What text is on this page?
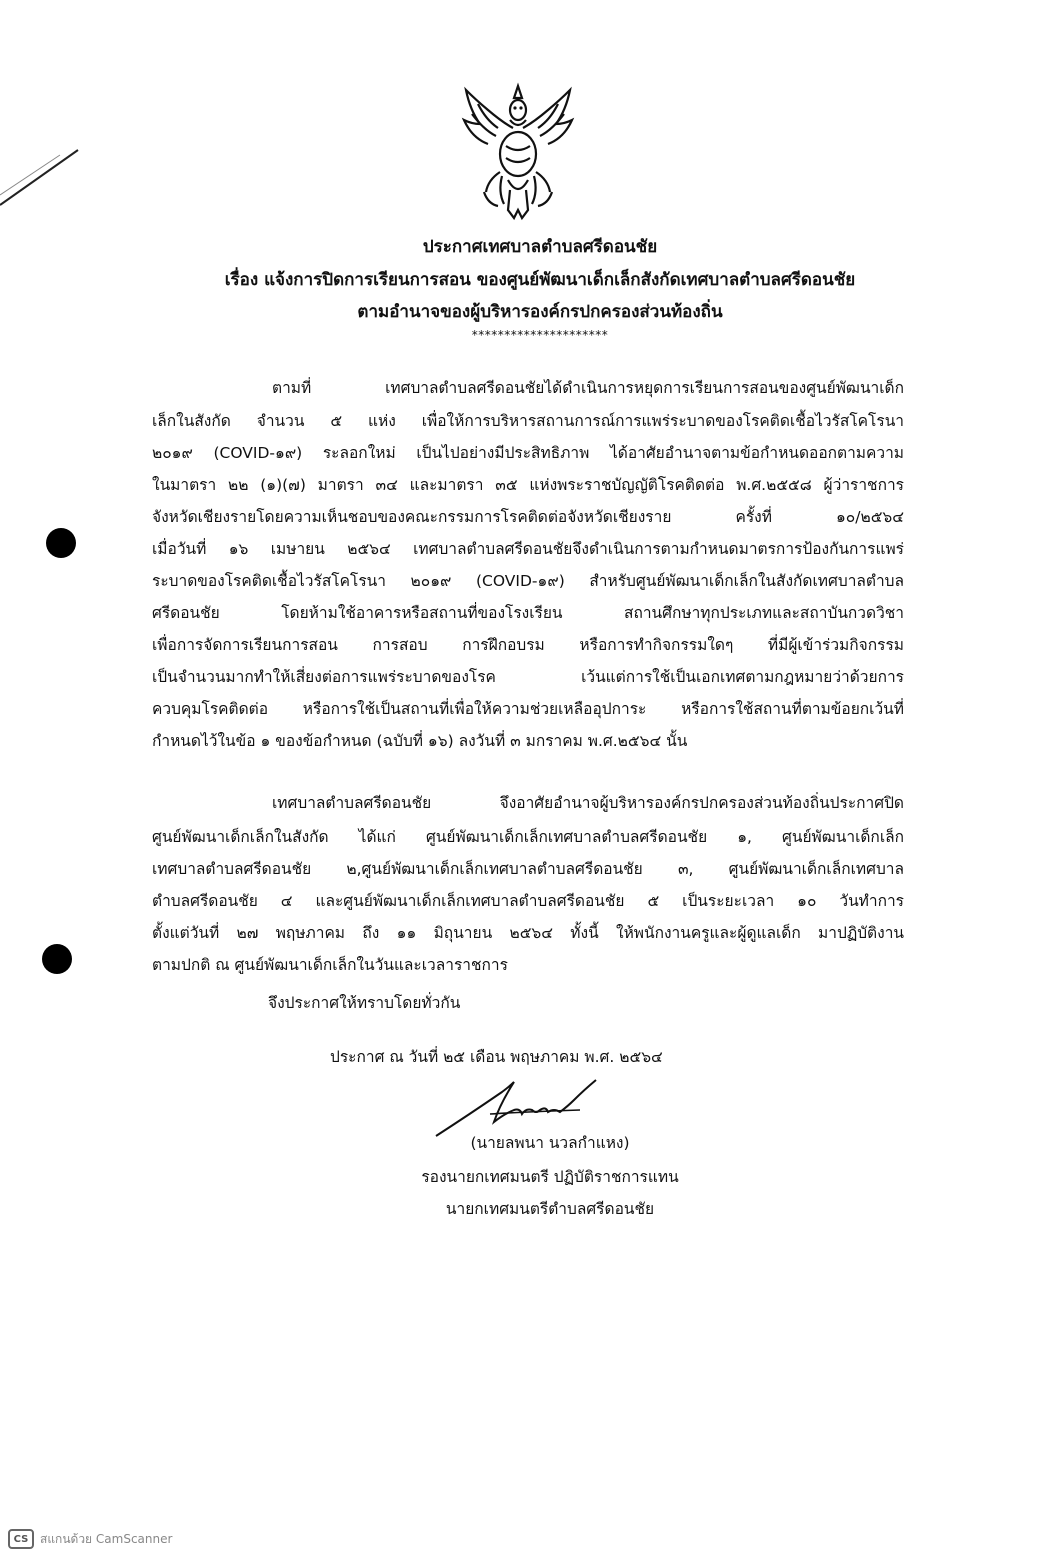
ประกาศเทศบาลตำบลศรีดอนชัย
เรื่อง แจ้งการปิดการเรียนการสอน ของศูนย์พัฒนาเด็กเล็กสังกัดเทศบาลตำบลศรีดอนชัย
ตามอำนาจของผู้บริหารองค์กรปกครองส่วนท้องถิ่น
*********************
ตามที่ เทศบาลตำบลศรีดอนชัยได้ดำเนินการหยุดการเรียนการสอนของศูนย์พัฒนาเด็ก
เล็กในสังกัด จำนวน ๕ แห่ง เพื่อให้การบริหารสถานการณ์การแพร่ระบาดของโรคติดเชื้อไวรัสโคโรนา
๒๐๑๙ (COVID-๑๙) ระลอกใหม่ เป็นไปอย่างมีประสิทธิภาพ ได้อาศัยอำนาจตามข้อกำหนดออกตามความ
ในมาตรา ๒๒ (๑)(๗) มาตรา ๓๔ และมาตรา ๓๕ แห่งพระราชบัญญัติโรคติดต่อ พ.ศ.๒๕๕๘ ผู้ว่าราชการ
จังหวัดเชียงรายโดยความเห็นชอบของคณะกรรมการโรคติดต่อจังหวัดเชียงราย ครั้งที่ ๑๐/๒๕๖๔
เมื่อวันที่ ๑๖ เมษายน ๒๕๖๔ เทศบาลตำบลศรีดอนชัยจึงดำเนินการตามกำหนดมาตรการป้องกันการแพร่
ระบาดของโรคติดเชื้อไวรัสโคโรนา ๒๐๑๙ (COVID-๑๙) สำหรับศูนย์พัฒนาเด็กเล็กในสังกัดเทศบาลตำบล
ศรีดอนชัย โดยห้ามใช้อาคารหรือสถานที่ของโรงเรียน สถานศึกษาทุกประเภทและสถาบันกวดวิชา
เพื่อการจัดการเรียนการสอน การสอบ การฝึกอบรม หรือการทำกิจกรรมใดๆ ที่มีผู้เข้าร่วมกิจกรรม
เป็นจำนวนมากทำให้เสี่ยงต่อการแพร่ระบาดของโรค เว้นแต่การใช้เป็นเอกเทศตามกฎหมายว่าด้วยการ
ควบคุมโรคติดต่อ หรือการใช้เป็นสถานที่เพื่อให้ความช่วยเหลืออุปการะ หรือการใช้สถานที่ตามข้อยกเว้นที่
กำหนดไว้ในข้อ ๑ ของข้อกำหนด (ฉบับที่ ๑๖) ลงวันที่ ๓ มกราคม พ.ศ.๒๕๖๔ นั้น
เทศบาลตำบลศรีดอนชัย จึงอาศัยอำนาจผู้บริหารองค์กรปกครองส่วนท้องถิ่นประกาศปิด
ศูนย์พัฒนาเด็กเล็กในสังกัด ได้แก่ ศูนย์พัฒนาเด็กเล็กเทศบาลตำบลศรีดอนชัย ๑, ศูนย์พัฒนาเด็กเล็ก
เทศบาลตำบลศรีดอนชัย ๒,ศูนย์พัฒนาเด็กเล็กเทศบาลตำบลศรีดอนชัย ๓, ศูนย์พัฒนาเด็กเล็กเทศบาล
ตำบลศรีดอนชัย ๔ และศูนย์พัฒนาเด็กเล็กเทศบาลตำบลศรีดอนชัย ๕ เป็นระยะเวลา ๑๐ วันทำการ
ตั้งแต่วันที่ ๒๗ พฤษภาคม ถึง ๑๑ มิถุนายน ๒๕๖๔ ทั้งนี้ ให้พนักงานครูและผู้ดูแลเด็ก มาปฏิบัติงาน
ตามปกติ ณ ศูนย์พัฒนาเด็กเล็กในวันและเวลาราชการ
จึงประกาศให้ทราบโดยทั่วกัน
ประกาศ ณ วันที่ ๒๕ เดือน พฤษภาคม พ.ศ. ๒๕๖๔
(นายลพนา นวลกำแหง)
รองนายกเทศมนตรี ปฏิบัติราชการแทน
นายกเทศมนตรีตำบลศรีดอนชัย
CS สแกนด้วย CamScanner
